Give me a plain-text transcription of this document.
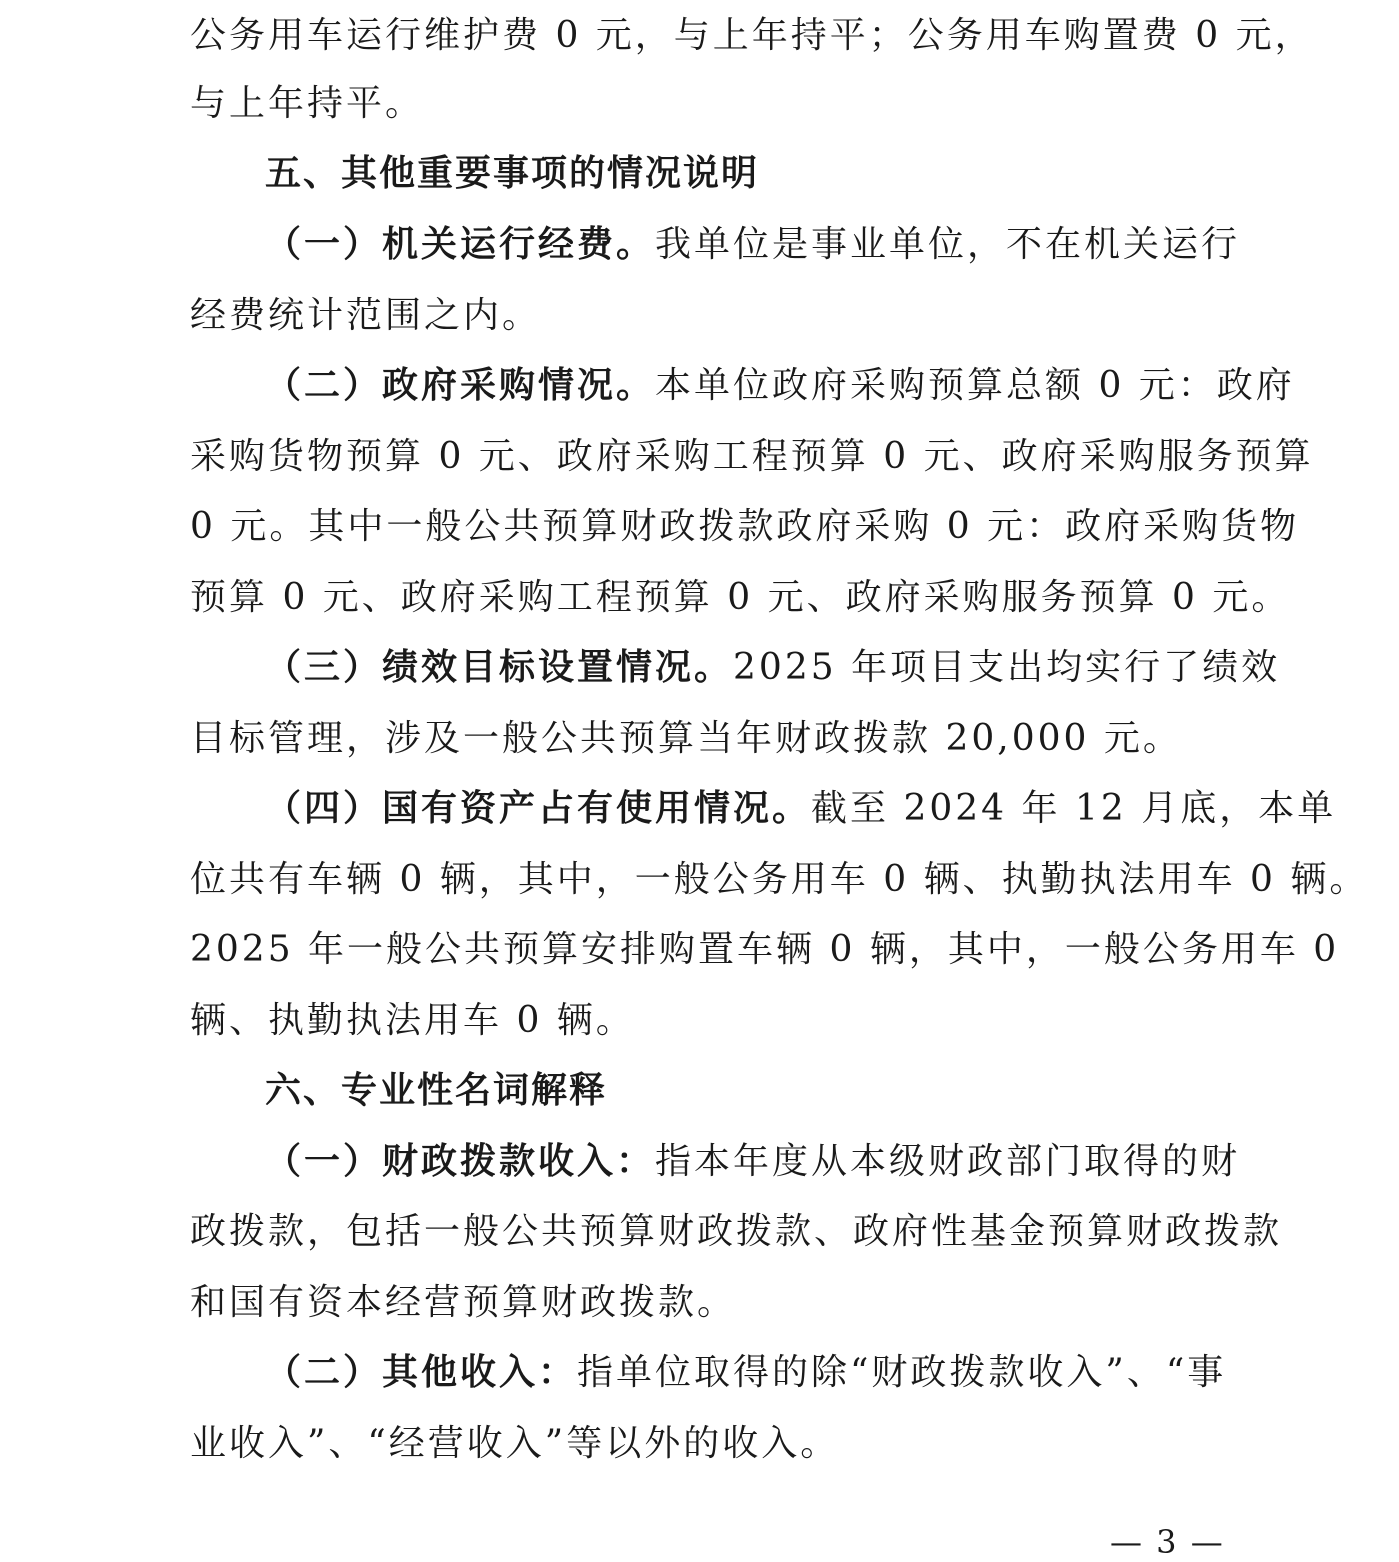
公务用车运行维护费 0 元，与上年持平；公务用车购置费 0 元，
与上年持平。
五、其他重要事项的情况说明
（一）机关运行经费。我单位是事业单位，不在机关运行
经费统计范围之内。
（二）政府采购情况。本单位政府采购预算总额 0 元：政府
采购货物预算 0 元、政府采购工程预算 0 元、政府采购服务预算
0 元。其中一般公共预算财政拨款政府采购 0 元：政府采购货物
预算 0 元、政府采购工程预算 0 元、政府采购服务预算 0 元。
（三）绩效目标设置情况。2025 年项目支出均实行了绩效
目标管理，涉及一般公共预算当年财政拨款 20,000 元。
（四）国有资产占有使用情况。截至 2024 年 12 月底，本单
位共有车辆 0 辆，其中，一般公务用车 0 辆、执勤执法用车 0 辆。
2025 年一般公共预算安排购置车辆 0 辆，其中，一般公务用车 0
辆、执勤执法用车 0 辆。
六、专业性名词解释
（一）财政拨款收入：指本年度从本级财政部门取得的财
政拨款，包括一般公共预算财政拨款、政府性基金预算财政拨款
和国有资本经营预算财政拨款。
（二）其他收入：指单位取得的除“财政拨款收入”、“事
业收入”、“经营收入”等以外的收入。
— 3 —
